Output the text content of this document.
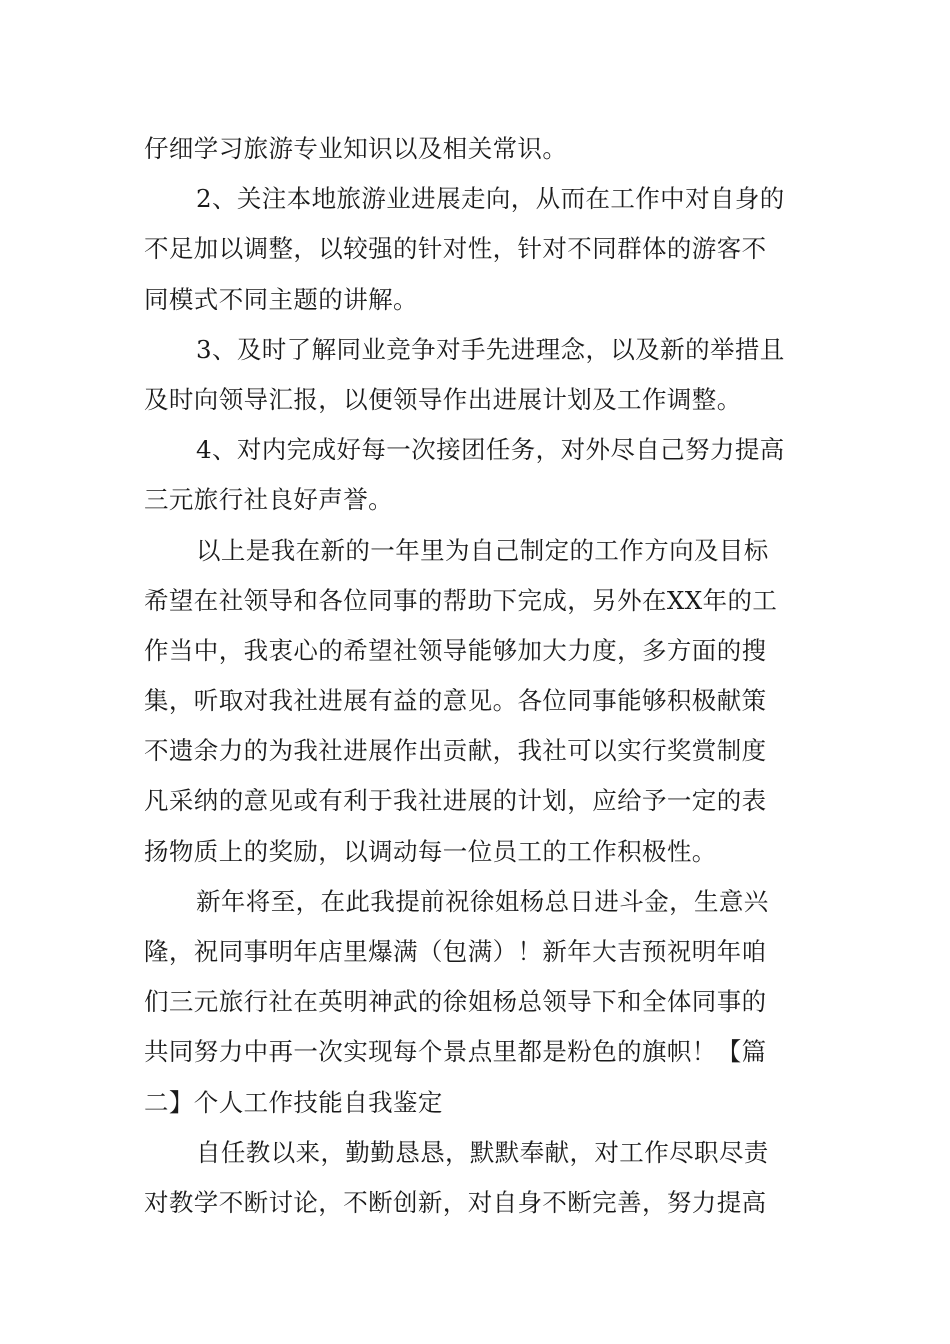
仔细学习旅游专业知识以及相关常识。
2、关注本地旅游业进展走向，从而在工作中对自身的
不足加以调整，以较强的针对性，针对不同群体的游客不
同模式不同主题的讲解。
3、及时了解同业竞争对手先进理念，以及新的举措且
及时向领导汇报，以便领导作出进展计划及工作调整。
4、对内完成好每一次接团任务，对外尽自己努力提高
三元旅行社良好声誉。
以上是我在新的一年里为自己制定的工作方向及目标
希望在社领导和各位同事的帮助下完成，另外在XX年的工
作当中，我衷心的希望社领导能够加大力度，多方面的搜
集，听取对我社进展有益的意见。各位同事能够积极献策
不遗余力的为我社进展作出贡献，我社可以实行奖赏制度
凡采纳的意见或有利于我社进展的计划，应给予一定的表
扬物质上的奖励，以调动每一位员工的工作积极性。
新年将至，在此我提前祝徐姐杨总日进斗金，生意兴
隆，祝同事明年店里爆满（包满）！新年大吉预祝明年咱
们三元旅行社在英明神武的徐姐杨总领导下和全体同事的
共同努力中再一次实现每个景点里都是粉色的旗帜！【篇
二】个人工作技能自我鉴定
自任教以来，勤勤恳恳，默默奉献，对工作尽职尽责
对教学不断讨论，不断创新，对自身不断完善，努力提高
